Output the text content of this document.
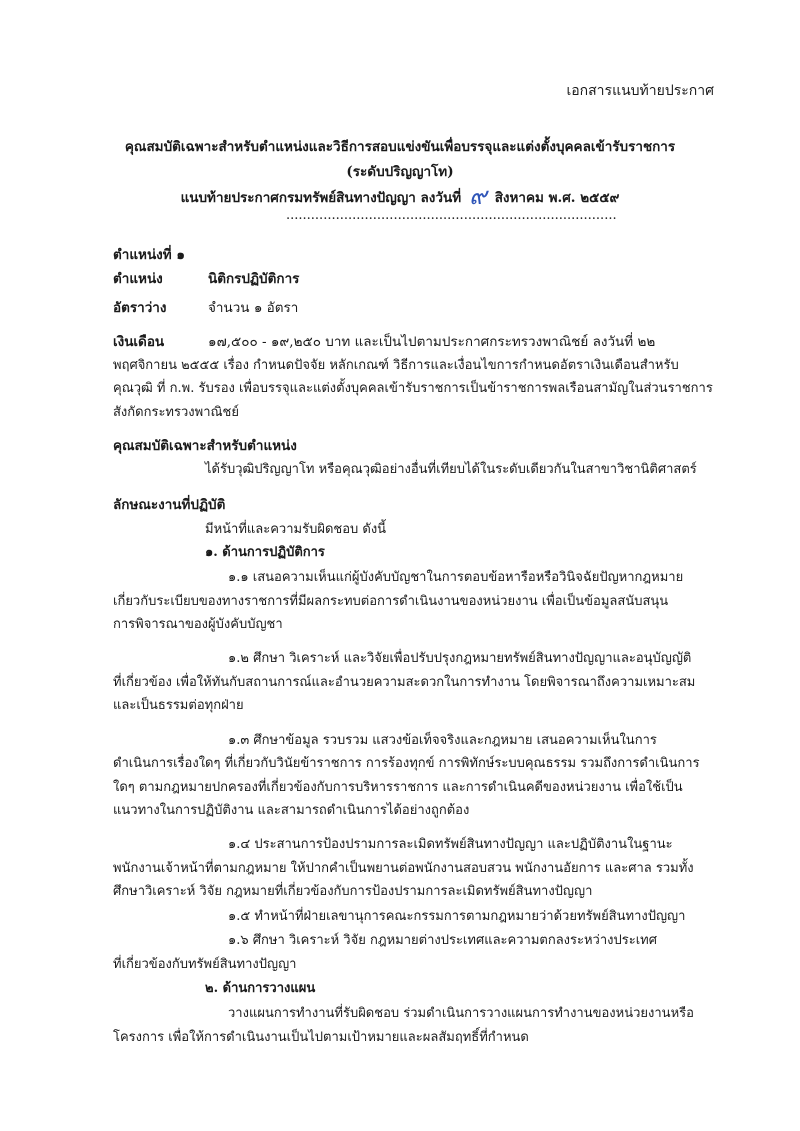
เอกสารแนบท้ายประกาศ
คุณสมบัติเฉพาะสำหรับตำแหน่งและวิธีการสอบแข่งขันเพื่อบรรจุและแต่งตั้งบุคคลเข้ารับราชการ
(ระดับปริญญาโท)
แนบท้ายประกาศกรมทรัพย์สินทางปัญญา ลงวันที่ ๙ สิงหาคม พ.ศ. ๒๕๕๙
................................................................................
ตำแหน่งที่ ๑
ตำแหน่ง	นิติกรปฏิบัติการ
อัตราว่าง	จำนวน ๑ อัตรา
เงินเดือน	๑๗,๕๐๐ - ๑๙,๒๕๐ บาท และเป็นไปตามประกาศกระทรวงพาณิชย์ ลงวันที่ ๒๒
พฤศจิกายน ๒๕๕๕ เรื่อง กำหนดปัจจัย หลักเกณฑ์ วิธีการและเงื่อนไขการกำหนดอัตราเงินเดือนสำหรับ
คุณวุฒิ ที่ ก.พ. รับรอง เพื่อบรรจุและแต่งตั้งบุคคลเข้ารับราชการเป็นข้าราชการพลเรือนสามัญในส่วนราชการ
สังกัดกระทรวงพาณิชย์
คุณสมบัติเฉพาะสำหรับตำแหน่ง
ได้รับวุฒิปริญญาโท หรือคุณวุฒิอย่างอื่นที่เทียบได้ในระดับเดียวกันในสาขาวิชานิติศาสตร์
ลักษณะงานที่ปฏิบัติ
มีหน้าที่และความรับผิดชอบ ดังนี้
๑. ด้านการปฏิบัติการ
๑.๑ เสนอความเห็นแก่ผู้บังคับบัญชาในการตอบข้อหารือหรือวินิจฉัยปัญหากฎหมาย
เกี่ยวกับระเบียบของทางราชการที่มีผลกระทบต่อการดำเนินงานของหน่วยงาน เพื่อเป็นข้อมูลสนับสนุน
การพิจารณาของผู้บังคับบัญชา
๑.๒ ศึกษา วิเคราะห์ และวิจัยเพื่อปรับปรุงกฎหมายทรัพย์สินทางปัญญาและอนุบัญญัติ
ที่เกี่ยวข้อง เพื่อให้ทันกับสถานการณ์และอำนวยความสะดวกในการทำงาน โดยพิจารณาถึงความเหมาะสม
และเป็นธรรมต่อทุกฝ่าย
๑.๓ ศึกษาข้อมูล รวบรวม แสวงข้อเท็จจริงและกฎหมาย เสนอความเห็นในการ
ดำเนินการเรื่องใดๆ ที่เกี่ยวกับวินัยข้าราชการ การร้องทุกข์ การพิทักษ์ระบบคุณธรรม รวมถึงการดำเนินการ
ใดๆ ตามกฎหมายปกครองที่เกี่ยวข้องกับการบริหารราชการ และการดำเนินคดีของหน่วยงาน เพื่อใช้เป็น
แนวทางในการปฏิบัติงาน และสามารถดำเนินการได้อย่างถูกต้อง
๑.๔ ประสานการป้องปรามการละเมิดทรัพย์สินทางปัญญา และปฏิบัติงานในฐานะ
พนักงานเจ้าหน้าที่ตามกฎหมาย ให้ปากคำเป็นพยานต่อพนักงานสอบสวน พนักงานอัยการ และศาล รวมทั้ง
ศึกษาวิเคราะห์ วิจัย กฎหมายที่เกี่ยวข้องกับการป้องปรามการละเมิดทรัพย์สินทางปัญญา
๑.๕ ทำหน้าที่ฝ่ายเลขานุการคณะกรรมการตามกฎหมายว่าด้วยทรัพย์สินทางปัญญา
๑.๖ ศึกษา วิเคราะห์ วิจัย กฎหมายต่างประเทศและความตกลงระหว่างประเทศ
ที่เกี่ยวข้องกับทรัพย์สินทางปัญญา
๒. ด้านการวางแผน
วางแผนการทำงานที่รับผิดชอบ ร่วมดำเนินการวางแผนการทำงานของหน่วยงานหรือ
โครงการ เพื่อให้การดำเนินงานเป็นไปตามเป้าหมายและผลสัมฤทธิ์ที่กำหนด
